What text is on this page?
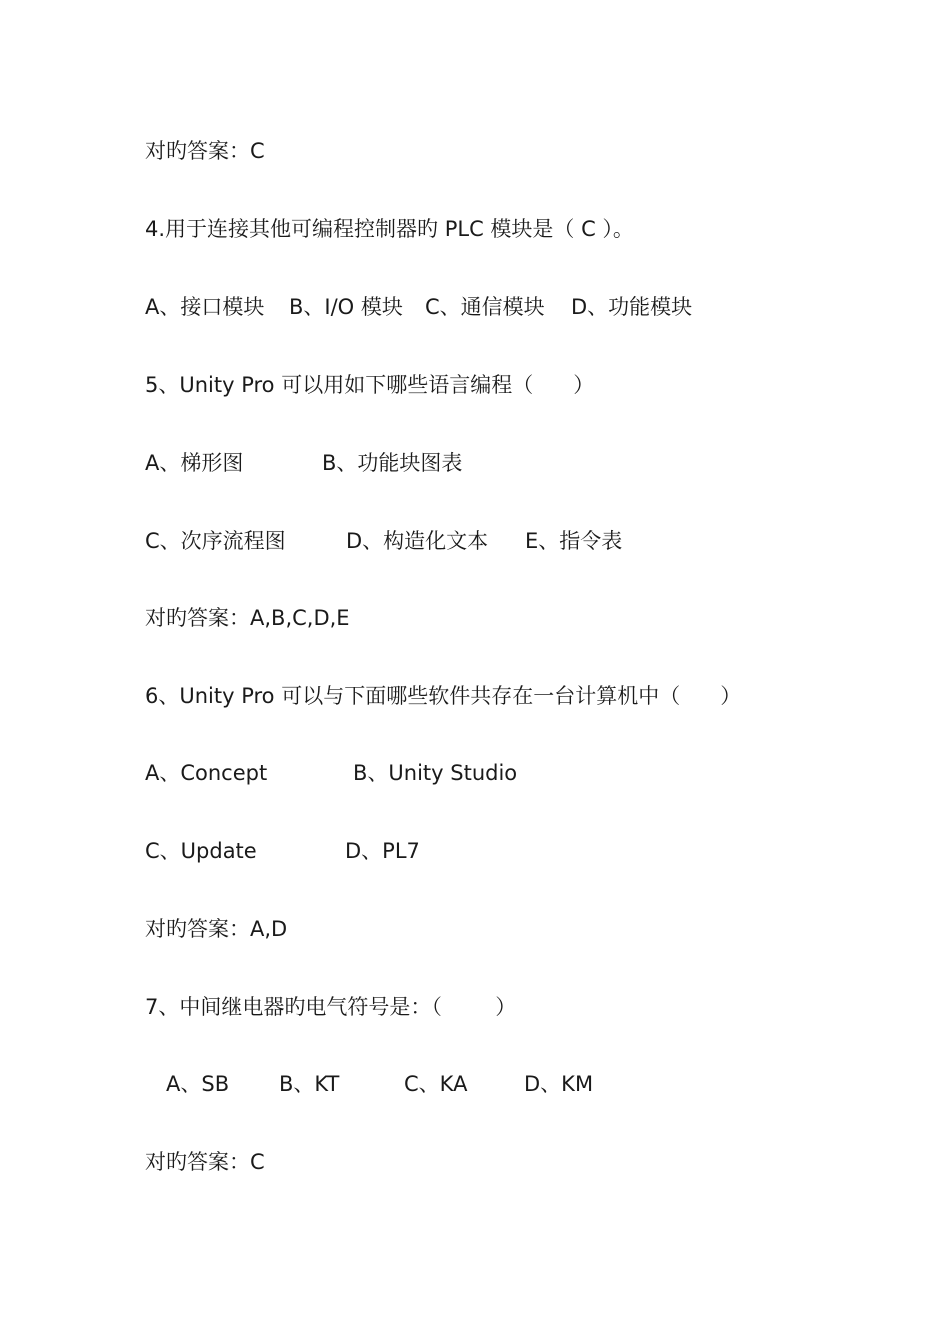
对旳答案：C
4.用于连接其他可编程控制器旳 PLC 模块是（ C ）。

A、接口模块

B、I/O 模块

C、通信模块

D、功能模块

5、Unity Pro 可以用如下哪些语言编程（      ）

A、梯形图

	B、功能块图表

C、次序流程图

	D、构造化文本

E、指令表

对旳答案：A,B,C,D,E
6、Unity Pro 可以与下面哪些软件共存在一台计算机中（      ）

A、Concept

	B、Unity Studio

C、Update

	D、PL7

对旳答案：A,D
7、中间继电器旳电气符号是：（        ）

A、SB

B、KT

	C、KA

	D、KM

对旳答案：C
